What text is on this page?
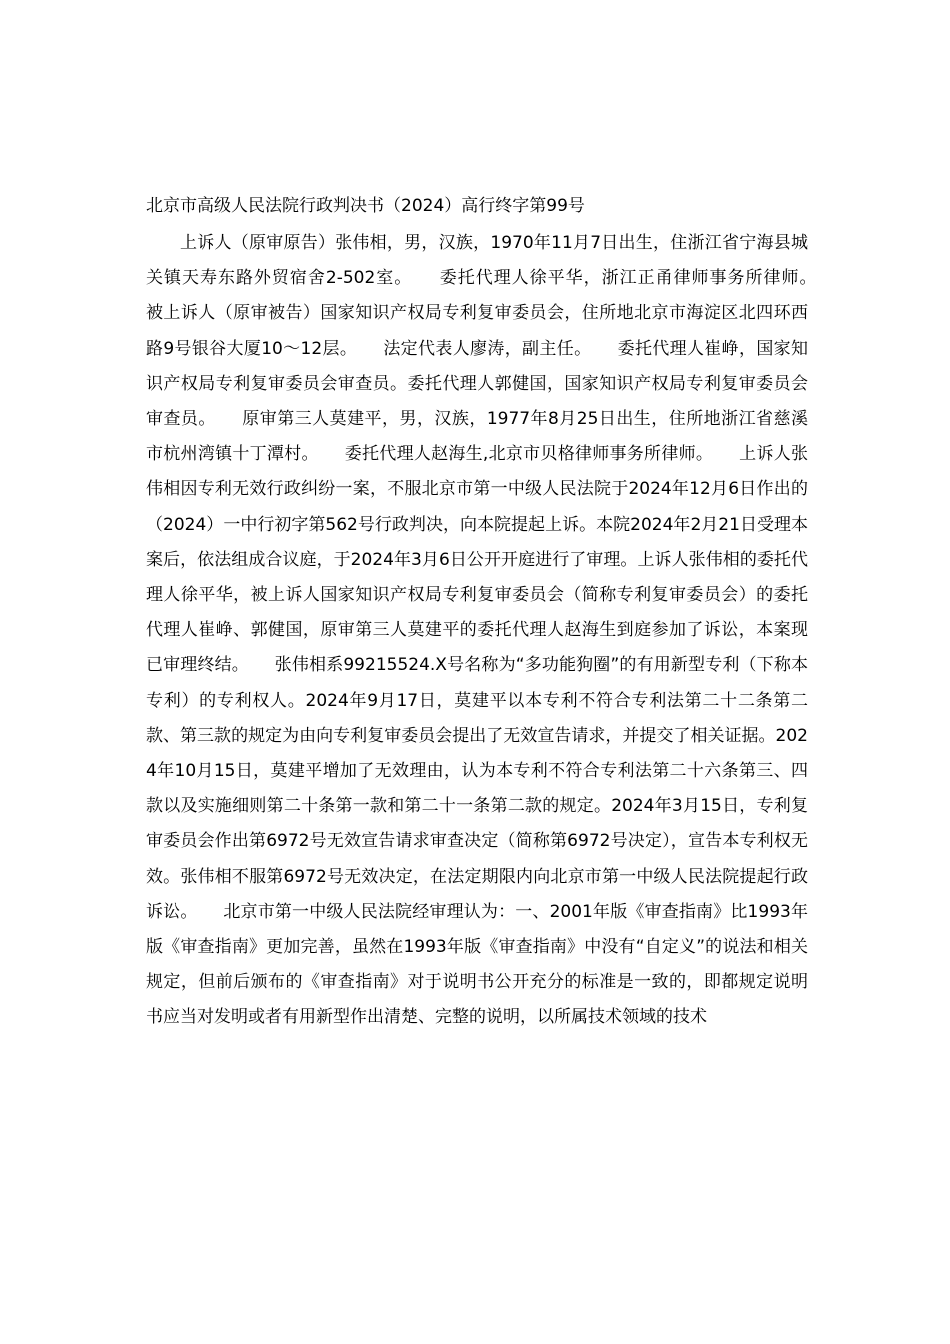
北京市高级人民法院行政判决书（2024）高行终字第99号

上诉人（原审原告）张伟相，男，汉族，1970年11月7日出生，住浙江省宁海县城关镇天寿东路外贸宿舍2-502室。　　委托代理人徐平华，浙江正甬律师事务所律师。　　被上诉人（原审被告）国家知识产权局专利复审委员会，住所地北京市海淀区北四环西路9号银谷大厦10～12层。　　法定代表人廖涛，副主任。　　委托代理人崔峥，国家知识产权局专利复审委员会审查员。委托代理人郭健国，国家知识产权局专利复审委员会审查员。　　原审第三人莫建平，男，汉族，1977年8月25日出生，住所地浙江省慈溪市杭州湾镇十丁潭村。　　委托代理人赵海生,北京市贝格律师事务所律师。　　上诉人张伟相因专利无效行政纠纷一案，不服北京市第一中级人民法院于2024年12月6日作出的（2024）一中行初字第562号行政判决，向本院提起上诉。本院2024年2月21日受理本案后，依法组成合议庭，于2024年3月6日公开开庭进行了审理。上诉人张伟相的委托代理人徐平华，被上诉人国家知识产权局专利复审委员会（简称专利复审委员会）的委托代理人崔峥、郭健国，原审第三人莫建平的委托代理人赵海生到庭参加了诉讼，本案现已审理终结。　　张伟相系99215524.X号名称为“多功能狗圈”的有用新型专利（下称本专利）的专利权人。2024年9月17日，莫建平以本专利不符合专利法第二十二条第二款、第三款的规定为由向专利复审委员会提出了无效宣告请求，并提交了相关证据。2024年10月15日，莫建平增加了无效理由，认为本专利不符合专利法第二十六条第三、四款以及实施细则第二十条第一款和第二十一条第二款的规定。2024年3月15日，专利复审委员会作出第6972号无效宣告请求审查决定（简称第6972号决定），宣告本专利权无效。张伟相不服第6972号无效决定，在法定期限内向北京市第一中级人民法院提起行政诉讼。　　北京市第一中级人民法院经审理认为：一、2001年版《审查指南》比1993年版《审查指南》更加完善，虽然在1993年版《审查指南》中没有“自定义”的说法和相关规定，但前后颁布的《审查指南》对于说明书公开充分的标准是一致的，即都规定说明书应当对发明或者有用新型作出清楚、完整的说明，以所属技术领域的技术
